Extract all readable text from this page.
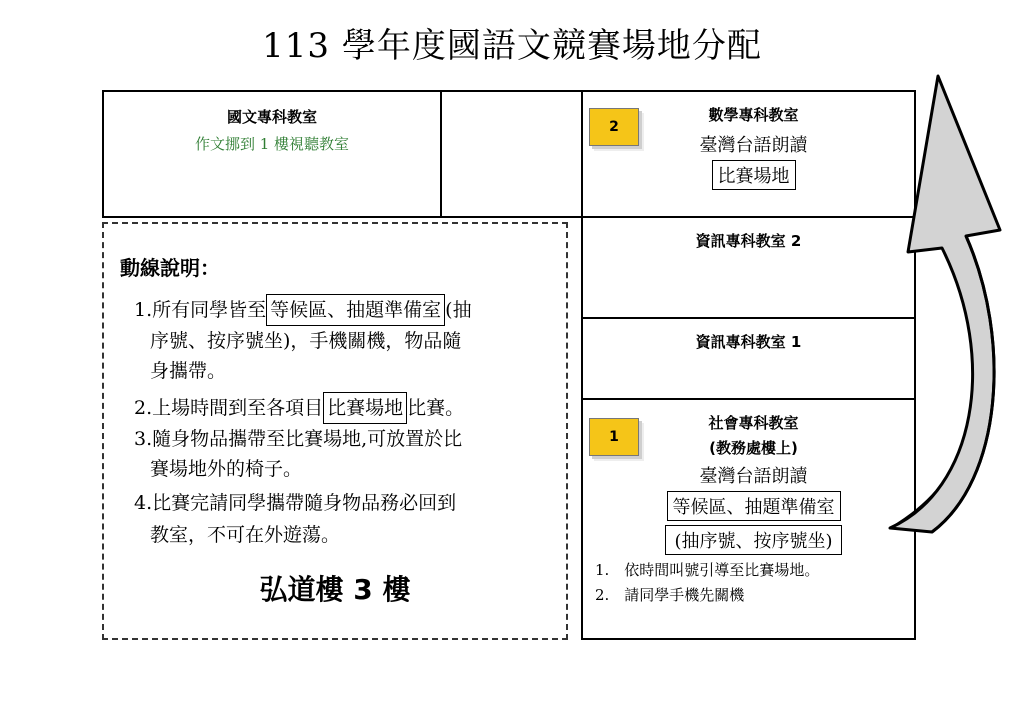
113 學年度國語文競賽場地分配
國文專科教室
作文挪到 1 樓視聽教室
2
數學專科教室
臺灣台語朗讀
比賽場地
資訊專科教室 2
資訊專科教室 1
1
社會專科教室
(教務處樓上)
臺灣台語朗讀
等候區、抽題準備室
(抽序號、按序號坐)
1.　依時間叫號引導至比賽場地。
2.　請同學手機先關機
動線說明：
1.所有同學皆至 等候區、抽題準備室 (抽
序號、按序號坐)，手機關機，物品隨
身攜帶。
2.上場時間到至各項目 比賽場地 比賽。
3.隨身物品攜帶至比賽場地,可放置於比
賽場地外的椅子。
4.比賽完請同學攜帶隨身物品務必回到
教室，不可在外遊蕩。
弘道樓 3 樓
